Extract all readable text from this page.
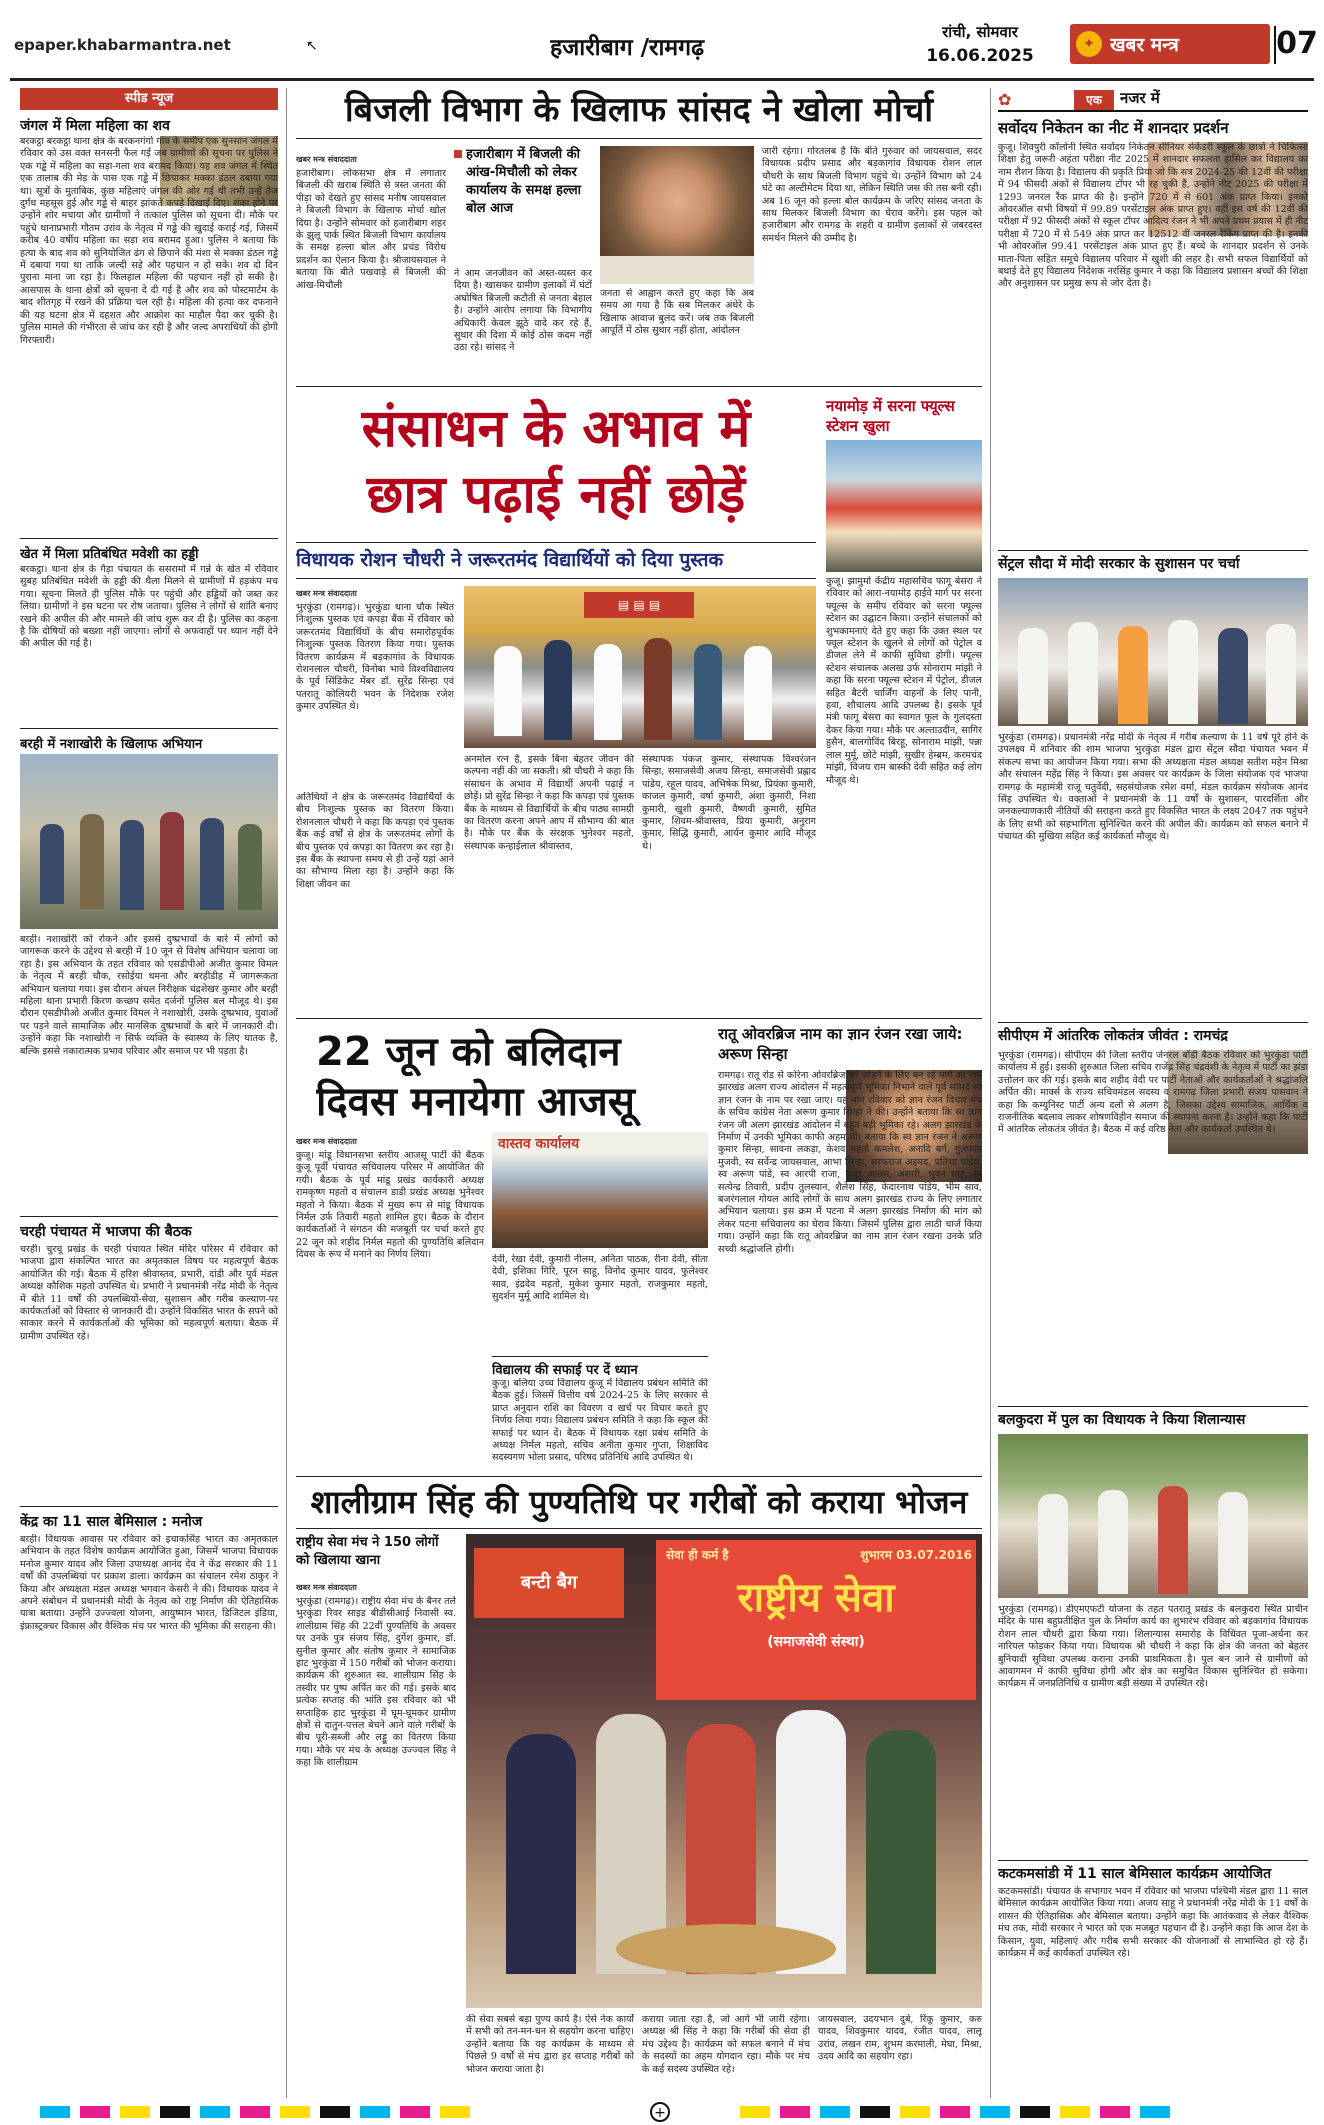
epaper.khabarmantra.net	↖	हजारीबाग /रामगढ़
रांची, सोमवार
16.06.2025
✦ खबर मन्त्र	07
स्पीड न्यूज
जंगल में मिला महिला का शव
बरकट्ठा बरकट्ठा थाना क्षेत्र के बरकनगंगो गांव के समीप एक सुनसान जंगल में रविवार को उस वक्त सनसनी फैल गई जब ग्रामीणों की सूचना पर पुलिस ने एक गड्ढे में महिला का सड़ा-गला शव बरामद किया। यह शव जंगल में स्थित एक तालाब की मेड़ के पास एक गड्ढे में छिपाकर मक्का डंठल दबाया गया था। सूत्रों के मुताबिक, कुछ महिलाएं जंगल की ओर गई थी तभी उन्हें तेज दुर्गंध महसूस हुई और गड्ढे से बाहर झांकते कपड़े दिखाई दिए। शंका होने पर उन्होंने शोर मचाया और ग्रामीणों ने तत्काल पुलिस को सूचना दी। मौके पर पहुंचे थानाप्रभारी गौतम उरांव के नेतृत्व में गड्ढे की खुदाई कराई गई, जिसमें करीब 40 वर्षीय महिला का सड़ा शव बरामद हुआ। पुलिस ने बताया कि हत्या के बाद शव को सुनियोजित ढंग से छिपाने की मंशा से मक्का डंठल गड्ढे में दबाया गया था ताकि जल्दी सड़े और पहचान न हो सके। शव दो दिन पुराना माना जा रहा है। फिलहाल महिला की पहचान नहीं हो सकी है। आसपास के थाना क्षेत्रों को सूचना दे दी गई है और शव को पोस्टमार्टम के बाद शीतगृह में रखने की प्रक्रिया चल रही है। महिला की हत्या कर दफनाने की यह घटना क्षेत्र में दहशत और आक्रोश का माहौल पैदा कर चुकी है। पुलिस मामले की गंभीरता से जांच कर रही है और जल्द अपराधियों की होगी गिरफ्तारी।
खेत में मिला प्रतिबंधित मवेशी का हड्डी
बरकट्ठा। थाना क्षेत्र के गैड़ा पंचायत के ससरामो में गन्ने के खेत में रविवार सुबह प्रतिबंधित मवेशी के हड्डी की थैला मिलने से ग्रामीणों में हड़कंप मच गया। सूचना मिलते ही पुलिस मौके पर पहुंची और हड्डियों को जब्त कर लिया। ग्रामीणों ने इस घटना पर रोष जताया। पुलिस ने लोगों से शांति बनाए रखने की अपील की और मामले की जांच शुरू कर दी है। पुलिस का कहना है कि दोषियों को बख्शा नहीं जाएगा। लोगों से अफवाहों पर ध्यान नहीं देने की अपील की गई है।
बरही में नशाखोरी के खिलाफ अभियान
बरही। नशाखोरी को रोकने और इससे दुष्प्रभावों के बारे में लोगों को जागरूक करने के उद्देश्य से बरही में 10 जून से विशेष अभियान चलाया जा रहा है। इस अभियान के तहत रविवार को एसडीपीओ अजीत कुमार विमल के नेतृत्व में बरही चौक, रसोईया धमना और बरहीडीह में जागरूकता अभियान चलाया गया। इस दौरान अंचल निरीक्षक चंद्रशेखर कुमार और बरही महिला थाना प्रभारी किरण कच्छप समेत दर्जनों पुलिस बल मौजूद थे। इस दौरान एसडीपीओ अजीत कुमार विमल ने नशाखोरी, उसके दुष्प्रभाव, युवाओं पर पड़ने वाले सामाजिक और मानसिक दुष्प्रभावों के बारे में जानकारी दी। उन्होंने कहा कि नशाखोरी न सिर्फ व्यक्ति के स्वास्थ्य के लिए घातक है, बल्कि इससे नकारात्मक प्रभाव परिवार और समाज पर भी पड़ता है।
चरही पंचायत में भाजपा की बैठक
चरही। चुरचू प्रखंड के चरही पंचायत स्थित मंदिर परिसर में रविवार को भाजपा द्वारा संकल्पित भारत का अमृतकाल विषय पर महत्वपूर्ण बैठक आयोजित की गई। बैठक में हरिश श्रीवास्तव, प्रभारी, दांडी और पूर्व मंडल अध्यक्ष कौशिक महतो उपस्थित थे। प्रभारी ने प्रधानमंत्री नरेंद्र मोदी के नेतृत्व में बीते 11 वर्षों की उपलब्धियों-सेवा, सुशासन और गरीब कल्याण-पर कार्यकर्ताओं को विस्तार से जानकारी दी। उन्होंने विकसित भारत के सपने को साकार करने में कार्यकर्ताओं की भूमिका को महत्वपूर्ण बताया। बैठक में ग्रामीण उपस्थित रहे।
केंद्र का 11 साल बेमिसाल : मनोज
बरही। विधायक आवास पर रविवार को इचाकसिंह भारत का अमृतकाल अभियान के तहत विशेष कार्यक्रम आयोजित हुआ, जिसमें भाजपा विधायक मनोज कुमार यादव और जिला उपाध्यक्ष आनंद देव ने केंद्र सरकार की 11 वर्षों की उपलब्धियां पर प्रकाश डाला। कार्यक्रम का संचालन रमेश ठाकुर ने किया और अध्यक्षता मंडल अध्यक्ष भगवान केसरी ने की। विधायक यादव ने अपने संबोधन में प्रधानमंत्री मोदी के नेतृत्व को राष्ट्र निर्माण की ऐतिहासिक यात्रा बताया। उन्होंने उज्ज्वला योजना, आयुष्मान भारत, डिजिटल इंडिया, इंफ्रास्ट्रक्चर विकास और वैश्विक मंच पर भारत की भूमिका की सराहना की।
बिजली विभाग के खिलाफ सांसद ने खोला मोर्चा
खबर मन्त्र संवाददाता
हजारीबाग। लोकसभा क्षेत्र में लगातार बिजली की खराब स्थिति से त्रस्त जनता की पीड़ा को देखते हुए सांसद मनीष जायसवाल ने बिजली विभाग के खिलाफ मोर्चा खोल दिया है। उन्होंने सोमवार को हजारीबाग शहर के झुलू पार्क स्थित बिजली विभाग कार्यालय के समक्ष हल्ला बोल और प्रचंड विरोध प्रदर्शन का ऐलान किया है। श्रीजायसवाल ने बताया कि बीते पखवाड़े से बिजली की आंख-मिचौली
ने आम जनजीवन को अस्त-व्यस्त कर दिया है। खासकर ग्रामीण इलाकों में घंटों अघोषित बिजली कटौती से जनता बेहाल है। उन्होंने आरोप लगाया कि विभागीय अधिकारी केवल झूठे वादे कर रहे हैं, सुधार की दिशा में कोई ठोस कदम नहीं उठा रहे। सांसद ने
हजारीबाग में बिजली की आंख-मिचौली को लेकर कार्यालय के समक्ष हल्ला बोल आज
जनता से आह्वान करते हुए कहा कि अब समय आ गया है कि सब मिलकर अंधेरे के खिलाफ आवाज बुलंद करें। जब तक बिजली आपूर्ति में ठोस सुधार नहीं होता, आंदोलन
जारी रहेगा। गोरतलब है कि बीते गुरुवार को जायसवाल, सदर विधायक प्रदीप प्रसाद और बड़कागांव विधायक रोशन लाल चौधरी के साथ बिजली विभाग पहुंचे थे। उन्होंने विभाग को 24 घंटे का अल्टीमेटम दिया था, लेकिन स्थिति जस की तस बनी रही। अब 16 जून को हल्ला बोल कार्यक्रम के जरिए सांसद जनता के साथ मिलकर बिजली विभाग का घेराव करेंगे। इस पहल को हजारीबाग और रामगढ़ के शहरी व ग्रामीण इलाकों से जबरदस्त समर्थन मिलने की उम्मीद है।
संसाधन के अभाव में
छात्र पढ़ाई नहीं छोड़ें
विधायक रोशन चौधरी ने जरूरतमंद विद्यार्थियों को दिया पुस्तक
खबर मन्त्र संवाददाता
भुरकुंडा (रामगढ़)। भुरकुंडा थाना चौक स्थित निःशुल्क पुस्तक एवं कपड़ा बैंक में रविवार को जरूरतमंद विद्यार्थियों के बीच समारोहपूर्वक निःशुल्क पुस्तक वितरण किया गया। पुस्तक वितरण कार्यक्रम में बड़कागांव के विधायक रोशनलाल चौधरी, विनोबा भावे विश्वविद्यालय के पूर्व सिंडिकेट मेंबर डॉ. सुरेंद्र सिन्हा एवं पतरातू कोलियरी भवन के निदेशक रजेश कुमार उपस्थित थे।
▤ ▤ ▤
अतिथियों ने क्षेत्र के जरूरतमंद विद्यार्थियों के बीच निःशुल्क पुस्तक का वितरण किया। रोशनलाल चौधरी ने कहा कि कपड़ा एवं पुस्तक बैंक कई वर्षों से क्षेत्र के जरूरतमंद लोगों के बीच पुस्तक एवं कपड़ा का वितरण कर रहा है। इस बैंक के स्थापना समय से ही उन्हें यहां आने का सौभाग्य मिला रहा है। उन्होंने कहा कि शिक्षा जीवन का
अनमोल रत्न है, इसके बिना बेहतर जीवन की कल्पना नहीं की जा सकती। श्री चौधरी ने कहा कि संसाधन के अभाव में विद्यार्थी अपनी पढ़ाई न छोड़ें। प्रो सुरेंद्र सिन्हा ने कहा कि कपड़ा एवं पुस्तक बैंक के माध्यम से विद्यार्थियों के बीच पाठ्य सामग्री का वितरण करना अपने आप में सौभाग्य की बात है। मौके पर बैंक के संरक्षक भुनेश्वर महतो, संस्थापक कन्हाईलाल श्रीवास्तव,
संस्थापक पंकज कुमार, संस्थापक विश्वरंजन सिन्हा, समाजसेवी अजय सिन्हा, समाजसेवी प्रह्लाद पांडेय, रहूल यादव, अभिषेक मिश्रा, प्रियंका कुमारी, काजल कुमारी, वर्षा कुमारी, अंशा कुमारी, निशा कुमारी, खुशी कुमारी, वैष्णवी कुमारी, सुमित कुमार, शिवम-श्रीवास्तव, प्रिया कुमारी, अनुराग कुमार, सिद्धि कुमारी, आर्यन कुमार आदि मौजूद थे।
नयामोड़ में सरना फ्यूल्स स्टेशन खुला
कुजू। झामुमो केंद्रीय महासचिव फागू बेसरा ने रविवार को आरा-नयामोड़ हाईवे मार्ग पर सरना फ्यूल्स के समीप रविवार को सरना फ्यूल्स स्टेशन का उद्घाटन किया। उन्होंने संचालकों को शुभकामनाएं देते हुए कहा कि उक्त स्थल पर फ्यूल स्टेशन के खुलने से लोगों को पेट्रोल व डीजल लेने में काफी सुविधा होगी। फ्यूल्स स्टेशन संचालक अलख उर्फ सोनाराम मांझी ने कहा कि सरना फ्यूल्स स्टेशन में पेट्रोल, डीजल सहित बैटरी चार्जिंग वाहनों के लिए पानी, हवा, शौचालय आदि उपलब्ध है। इसके पूर्व मंत्री फागू बेसरा का स्वागत फूल के गुलदस्ता देकर किया गया। मौके पर अल्ताउदीन, सागिर हुसैन, बालगोविंद बिरहू, सोनाराम मांझी, पन्ना लाल मुर्मू, छोटे मांझी, सुखीर हेम्ब्रम, करमचंद मांझी, विजय राम बास्की देवी सहित कई लोग मौजूद थे।
22 जून को बलिदान
दिवस मनायेगा आजसू
खबर मन्त्र संवाददाता	वास्तव कार्यालय
कुजू। मांडू विधानसभा स्तरीय आजसू पार्टी की बैठक कुजू पूर्वी पंचायत सचिवालय परिसर में आयोजित की गयी। बैठक के पूर्व मांडू प्रखंड कार्यकारी अध्यक्ष रामकृष्ण महतो व संचालन डाडी प्रखंड अध्यक्ष भुनेश्वर महतो ने किया। बैठक में मुख्य रूप से मांडू विधायक निर्मल उर्फ तिवारी महतो शामिल हुए। बैठक के दौरान कार्यकर्ताओं ने संगठन की मजबूती पर चर्चा करते हुए 22 जून को शहीद निर्मल महतो की पुण्यतिथि बलिदान दिवस के रूप में मनाने का निर्णय लिया।	देवी, रेखा देवी, कुमारी नीलम, अनिता पाठक, रीना देवी, सीता देवी, इशिका गिरि, पूरन साहू, विनोद कुमार यादव, फुलेश्वर साव, इंद्रदेव महतो, मुकेश कुमार महतो, राजकुमार महतो, सुदर्शन मुर्मू आदि शामिल थे।
विद्यालय की सफाई पर दें ध्यान
कुजू। बलिया उच्च विद्यालय कुजू में विद्यालय प्रबंधन समिति की बैठक हुई। जिसमें वित्तीय वर्ष 2024-25 के लिए सरकार से प्राप्त अनुदान राशि का विवरण व खर्च पर विचार करते हुए निर्णय लिया गया। विद्यालय प्रबंधन समिति ने कहा कि स्कूल की सफाई पर ध्यान दें। बैठक में विधायक रक्षा प्रबंध समिति के अध्यक्ष निर्मल महतो, सचिव अनीता कुमार गुप्ता, शिक्षाविद सदस्यगण भोला प्रसाद, परिषद प्रतिनिधि आदि उपस्थित थे।
रातू ओवरब्रिज नाम का ज्ञान रंजन रखा जाये: अरूण सिन्हा
रामगढ़। रातू रोड से कोरेना ओवरब्रिज को जोड़ने के लिए बन रहे मार्ग का नाम झारखंड अलग राज्य आंदोलन में महत्वपूर्ण भूमिका निभाने वाले पूर्व सांसद स्व ज्ञान रंजन के नाम पर रखा जाए। यह मांग रविवार को ज्ञान रंजन विचार मंच के सचिव कांग्रेस नेता अरूण कुमार सिन्हा ने की। उन्होंने बताया कि स्व ज्ञान रंजन जी अलग झारखंड आंदोलन में बहुत बड़ी भूमिका रहे। अलग झारखंड के निर्माण में उनकी भूमिका काफी अहम थी। बताया कि स्व ज्ञान रंजन ने अरूण कुमार सिन्हा, सावना लकड़ा, केशव महतो कमलेश, अनादि बर्ग, गुलफाम मुजवी, स्व सर्वेन्द्र जायसवाल, आभा सिन्हा, सरफराज अहमद, प्रतिभा पांडेय, स्व अरूण पांडे, स्व आरपी राजा, मंजूर आलम, अंसारी, भुवन साहू, स्व सत्येन्द्र तिवारी, प्रदीप तुलस्यान, शैलेश सिंह, केदारनाथ पांडेय, भीम साव, बजरंगलाल गोयल आदि लोगों के साथ अलग झारखंड राज्य के लिए लगातार अभियान चलाया। इस क्रम में पटना में अलग झारखंड निर्माण की मांग को लेकर पटना सचिवालय का घेराव किया। जिसमें पुलिस द्वारा लाठी चार्ज किया गया। उन्होंने कहा कि रातू ओवरब्रिज का नाम ज्ञान रंजन रखना उनके प्रति सच्ची श्रद्धांजलि होगी।
शालीग्राम सिंह की पुण्यतिथि पर गरीबों को कराया भोजन
राष्ट्रीय सेवा मंच ने 150 लोगों को खिलाया खाना
खबर मन्त्र संवाददाता
भुरकुंडा (रामगढ़)। राष्ट्रीय सेवा मंच के बैनर तले भुरकुंडा रिवर साइड बीडीसीआई निवासी स्व. शालीग्राम सिंह की 22वीं पुण्यतिथि के अवसर पर उनके पुत्र संजय सिंह, दुर्गेश कुमार, डॉ. सुनील कुमार और संतोष कुमार ने सामाजिक हाट भुरकुंडा में 150 गरीबों को भोजन कराया। कार्यक्रम की शुरुआत स्व. शालीग्राम सिंह के तस्वीर पर पुष्प अर्पित कर की गई। इसके बाद प्रत्येक सप्ताह की भांति इस रविवार को भी सप्ताहिक हाट भुरकुंडा में घूम-घूमकर ग्रामीण क्षेत्रों से दातुन-पत्तल बेचने आने वाले गरीबों के बीच पूरी-सब्जी और लड्डू का वितरण किया गया। मौके पर मंच के अध्यक्ष उज्ज्वल सिंह ने कहा कि शालीग्राम
बन्टी बैग
सेवा ही कर्म है	शुभारम 03.07.2016
राष्ट्रीय सेवा
(समाजसेवी संस्था)
की सेवा सबसे बड़ा पुण्य कार्य है। ऐसे नेक कार्यों में सभी को तन-मन-धन से सहयोग करना चाहिए। उन्होंने बताया कि यह कार्यक्रम के माध्यम से पिछले 9 वर्षों से मंच द्वारा हर सप्ताह गरीबों को भोजन कराया जाता है।
कराया जाता रहा है, जो आगे भी जारी रहेगा। अध्यक्ष श्री सिंह ने कहा कि गरीबों की सेवा ही मंच उद्देश्य है। कार्यक्रम को सफल बनाने में मंच के सदस्यों का अहम योगदान रहा। मौके पर मंच के कई सदस्य उपस्थित रहे।
जायसवाल, उदयभान दुबे, रिंकू कुमार, करु यादव, शिवकुमार यादव, रंजीत यादव, लालू उरांव, लखन राम, शुभम करमाली, मेघा, मिश्रा, उदय आदि का सहयोग रहा।
✿	एक	नजर में
सर्वोदय निकेतन का नीट में शानदार प्रदर्शन
कुजू। शिवपुरी कॉलोनी स्थित सर्वोदय निकेतन सीनियर सेकेंडरी स्कूल के छात्रों ने चिकित्सा शिक्षा हेतु जरूरी अहंता परीक्षा नीट 2025 में शानदार सफलता हासिल कर विद्यालय का नाम रौशन किया है। विद्यालय की प्रकृति प्रिया जो कि सत्र 2024-25 की 12वीं की परीक्षा में 94 फीसदी अंकों से विद्यालय टॉपर भी रह चुकी हैं, उन्होंने नीट 2025 की परीक्षा में 1293 जनरल रैंक प्राप्त की है। इन्होंने 720 में से 601 अंक प्राप्त किया। इनको ओवरऑल सभी विषयों में 99.89 परसेंटाइल अंक प्राप्त हुए। वहीं इस वर्ष की 12वीं की परीक्षा में 92 फीसदी अंकों से स्कूल टॉपर आदित्य रंजन ने भी अपने प्रथम प्रयास में ही नीट परीक्षा में 720 में से 549 अंक प्राप्त कर 12512 वीं जनरल रैंकिंग प्राप्त की है। इनकी भी ओवरऑल 99.41 परसेंटाइल अंक प्राप्त हुए हैं। बच्चे के शानदार प्रदर्शन से उनके माता-पिता सहित समूचे विद्यालय परिवार में खुशी की लहर है। सभी सफल विद्यार्थियों को बधाई देते हुए विद्यालय निदेशक नरसिंह कुमार ने कहा कि विद्यालय प्रशासन बच्चों की शिक्षा और अनुशासन पर प्रमुख रूप से जोर देता है।
सेंट्रल सौदा में मोदी सरकार के सुशासन पर चर्चा
भुरकुंडा (रामगढ़)। प्रधानमंत्री नरेंद्र मोदी के नेतृत्व में गरीब कल्याण के 11 वर्ष पूरे होने के उपलक्ष्य में शनिवार की शाम भाजपा भुरकुंडा मंडल द्वारा सेंट्रल सौदा पंचायत भवन में संकल्प सभा का आयोजन किया गया। सभा की अध्यक्षता मंडल अध्यक्ष सतीश महेन मिश्रा और संचालन महेंद्र सिंह ने किया। इस अवसर पर कार्यक्रम के जिला संयोजक एवं भाजपा रामगढ़ के महामंत्री राजू चतुर्वेदी, सहसंयोजक रमेश वर्मा, मंडल कार्यक्रम संयोजक आनंद सिंह उपस्थित थे। वक्ताओं ने प्रधानमंत्री के 11 वर्षों के सुशासन, पारदर्शिता और जनकल्याणकारी नीतियों की सराहना करते हुए विकसित भारत के लक्ष्य 2047 तक पहुंचने के लिए सभी को सहभागिता सुनिश्चित करने की अपील की। कार्यक्रम को सफल बनाने में पंचायत की मुखिया सहित कई कार्यकर्ता मौजूद थे।
सीपीएम में आंतरिक लोकतंत्र जीवंत : रामचंद्र
भुरकुंडा (रामगढ़)। सीपीएम की जिला स्तरीय जेनरल बॉडी बैठक रविवार को भुरकुंडा पार्टी कार्यालय में हुई। इसकी शुरुआत जिला सचिव राजेंद्र सिंह चंद्रवंशी के नेतृत्व में पार्टी का झंडा उत्तोलन कर की गई। इसके बाद शहीद वेदी पर पार्टी नेताओं और कार्यकर्ताओं ने श्रद्धांजलि अर्पित की। मार्क्स के राज्य सचिवमंडल सदस्य व रामगढ़ जिला प्रभारी संजय पासवान ने कहा कि कम्युनिस्ट पार्टी अन्य दलों से अलग है, जिसका उद्देश्य सामाजिक, आर्थिक व राजनीतिक बदलाव लाकर शोषणविहीन समाज की स्थापना करना है। उन्होंने कहा कि पार्टी में आंतरिक लोकतंत्र जीवंत है। बैठक में कई वरिष्ठ नेता और कार्यकर्ता उपस्थित थे।
बलकुदरा में पुल का विधायक ने किया शिलान्यास
भुरकुंडा (रामगढ़)। डीएमएफटी योजना के तहत पतरातू प्रखंड के बलकुदरा स्थित प्राचीन मंदिर के पास बहुप्रतीक्षित पुल के निर्माण कार्य का शुभारंभ रविवार को बड़कागांव विधायक रोशन लाल चौधरी द्वारा किया गया। शिलान्यास समारोह के विधिवत पूजा-अर्चना कर नारियल फोड़कर किया गया। विधायक श्री चौधरी ने कहा कि क्षेत्र की जनता को बेहतर बुनियादी सुविधा उपलब्ध कराना उनकी प्राथमिकता है। पुल बन जाने से ग्रामीणों को आवागमन में काफी सुविधा होगी और क्षेत्र का समुचित विकास सुनिश्चित हो सकेगा। कार्यक्रम में जनप्रतिनिधि व ग्रामीण बड़ी संख्या में उपस्थित रहे।
कटकमसांडी में 11 साल बेमिसाल कार्यक्रम आयोजित
कटकमसांडी। पंचायत के सभागार भवन में रविवार को भाजपा पश्चिमी मंडल द्वारा 11 साल बेमिसाल कार्यक्रम आयोजित किया गया। अजय साहू ने प्रधानमंत्री नरेंद्र मोदी के 11 वर्षों के शासन की ऐतिहासिक और बेमिसाल बताया। उन्होंने कहा कि आतंकवाद से लेकर वैश्विक मंच तक, मोदी सरकार ने भारत को एक मजबूत पहचान दी है। उन्होंने कहा कि आज देश के किसान, युवा, महिलाएं और गरीब सभी सरकार की योजनाओं से लाभान्वित हो रहे हैं। कार्यक्रम में कई कार्यकर्ता उपस्थित रहे।
+
